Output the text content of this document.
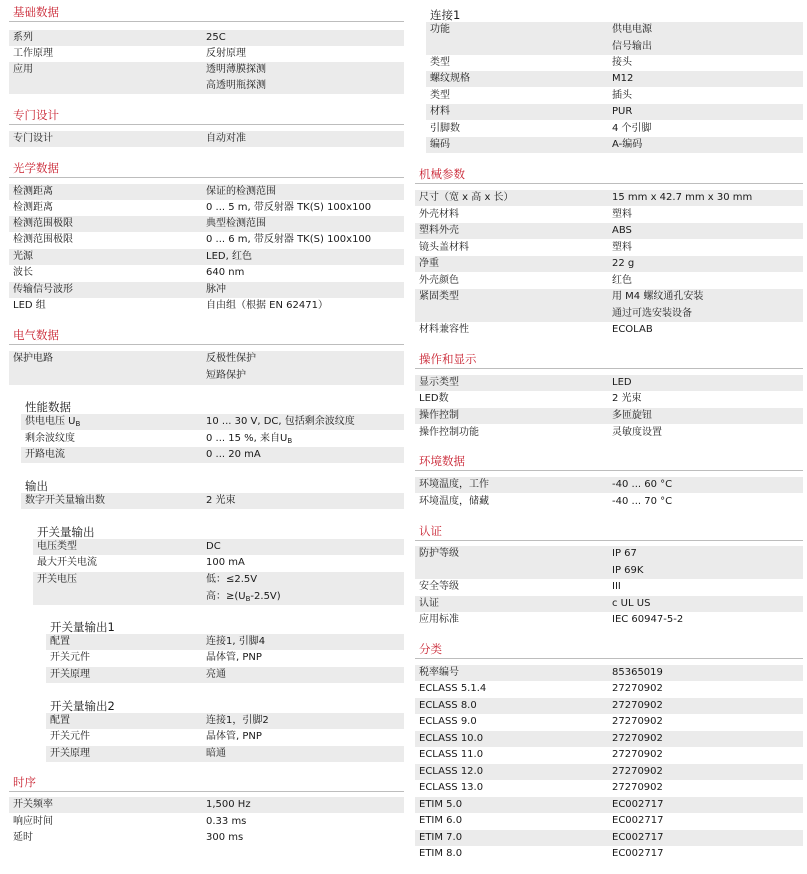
基础数据
系列	25C
工作原理	反射原理
应用	透明薄膜探测
高透明瓶探测
专门设计
专门设计	自动对准
光学数据
检测距离	保证的检测范围
检测距离	0 ... 5 m, 带反射器 TK(S) 100x100
检测范围极限	典型检测范围
检测范围极限	0 ... 6 m, 带反射器 TK(S) 100x100
光源	LED, 红色
波长	640 nm
传输信号波形	脉冲
LED 组	自由组（根据 EN 62471）
电气数据
保护电路	反极性保护
短路保护
性能数据
供电电压 $U_B$	10 ... 30 V, DC, 包括剩余波纹度
剩余波纹度	0 ... 15 %, 来自$U_B$
开路电流	0 ... 20 mA
输出
数字开关量输出数	2 光束
开关量输出
电压类型	DC
最大开关电流	100 mA
开关电压	低：≤2.5V
高：$\ge(U_B-2.5V)$
开关量输出1
配置	连接1, 引脚4
开关元件	晶体管, PNP
开关原理	亮通
开关量输出2
配置	连接1，引脚2
开关元件	晶体管, PNP
开关原理	暗通
时序
开关频率	1,500 Hz
响应时间	0.33 ms
延时	300 ms
连接1
功能	供电电源
信号输出
类型	接头
螺纹规格	M12
类型	插头
材料	PUR
引脚数	4 个引脚
编码	A-编码
机械参数
尺寸（宽 x 高 x 长）	15 mm x 42.7 mm x 30 mm
外壳材料	塑料
塑料外壳	ABS
镜头盖材料	塑料
净重	22 g
外壳颜色	红色
紧固类型	用 M4 螺纹通孔安装
通过可选安装设备
材料兼容性	ECOLAB
操作和显示
显示类型	LED
LED数	2 光束
操作控制	多匝旋钮
操作控制功能	灵敏度设置
环境数据
环境温度，工作	-40 ... 60 °C
环境温度，储藏	-40 ... 70 °C
认证
防护等级	IP 67
IP 69K
安全等级	III
认证	c UL US
应用标准	IEC 60947-5-2
分类
税率编号	85365019
ECLASS 5.1.4	27270902
ECLASS 8.0	27270902
ECLASS 9.0	27270902
ECLASS 10.0	27270902
ECLASS 11.0	27270902
ECLASS 12.0	27270902
ECLASS 13.0	27270902
ETIM 5.0	EC002717
ETIM 6.0	EC002717
ETIM 7.0	EC002717
ETIM 8.0	EC002717
